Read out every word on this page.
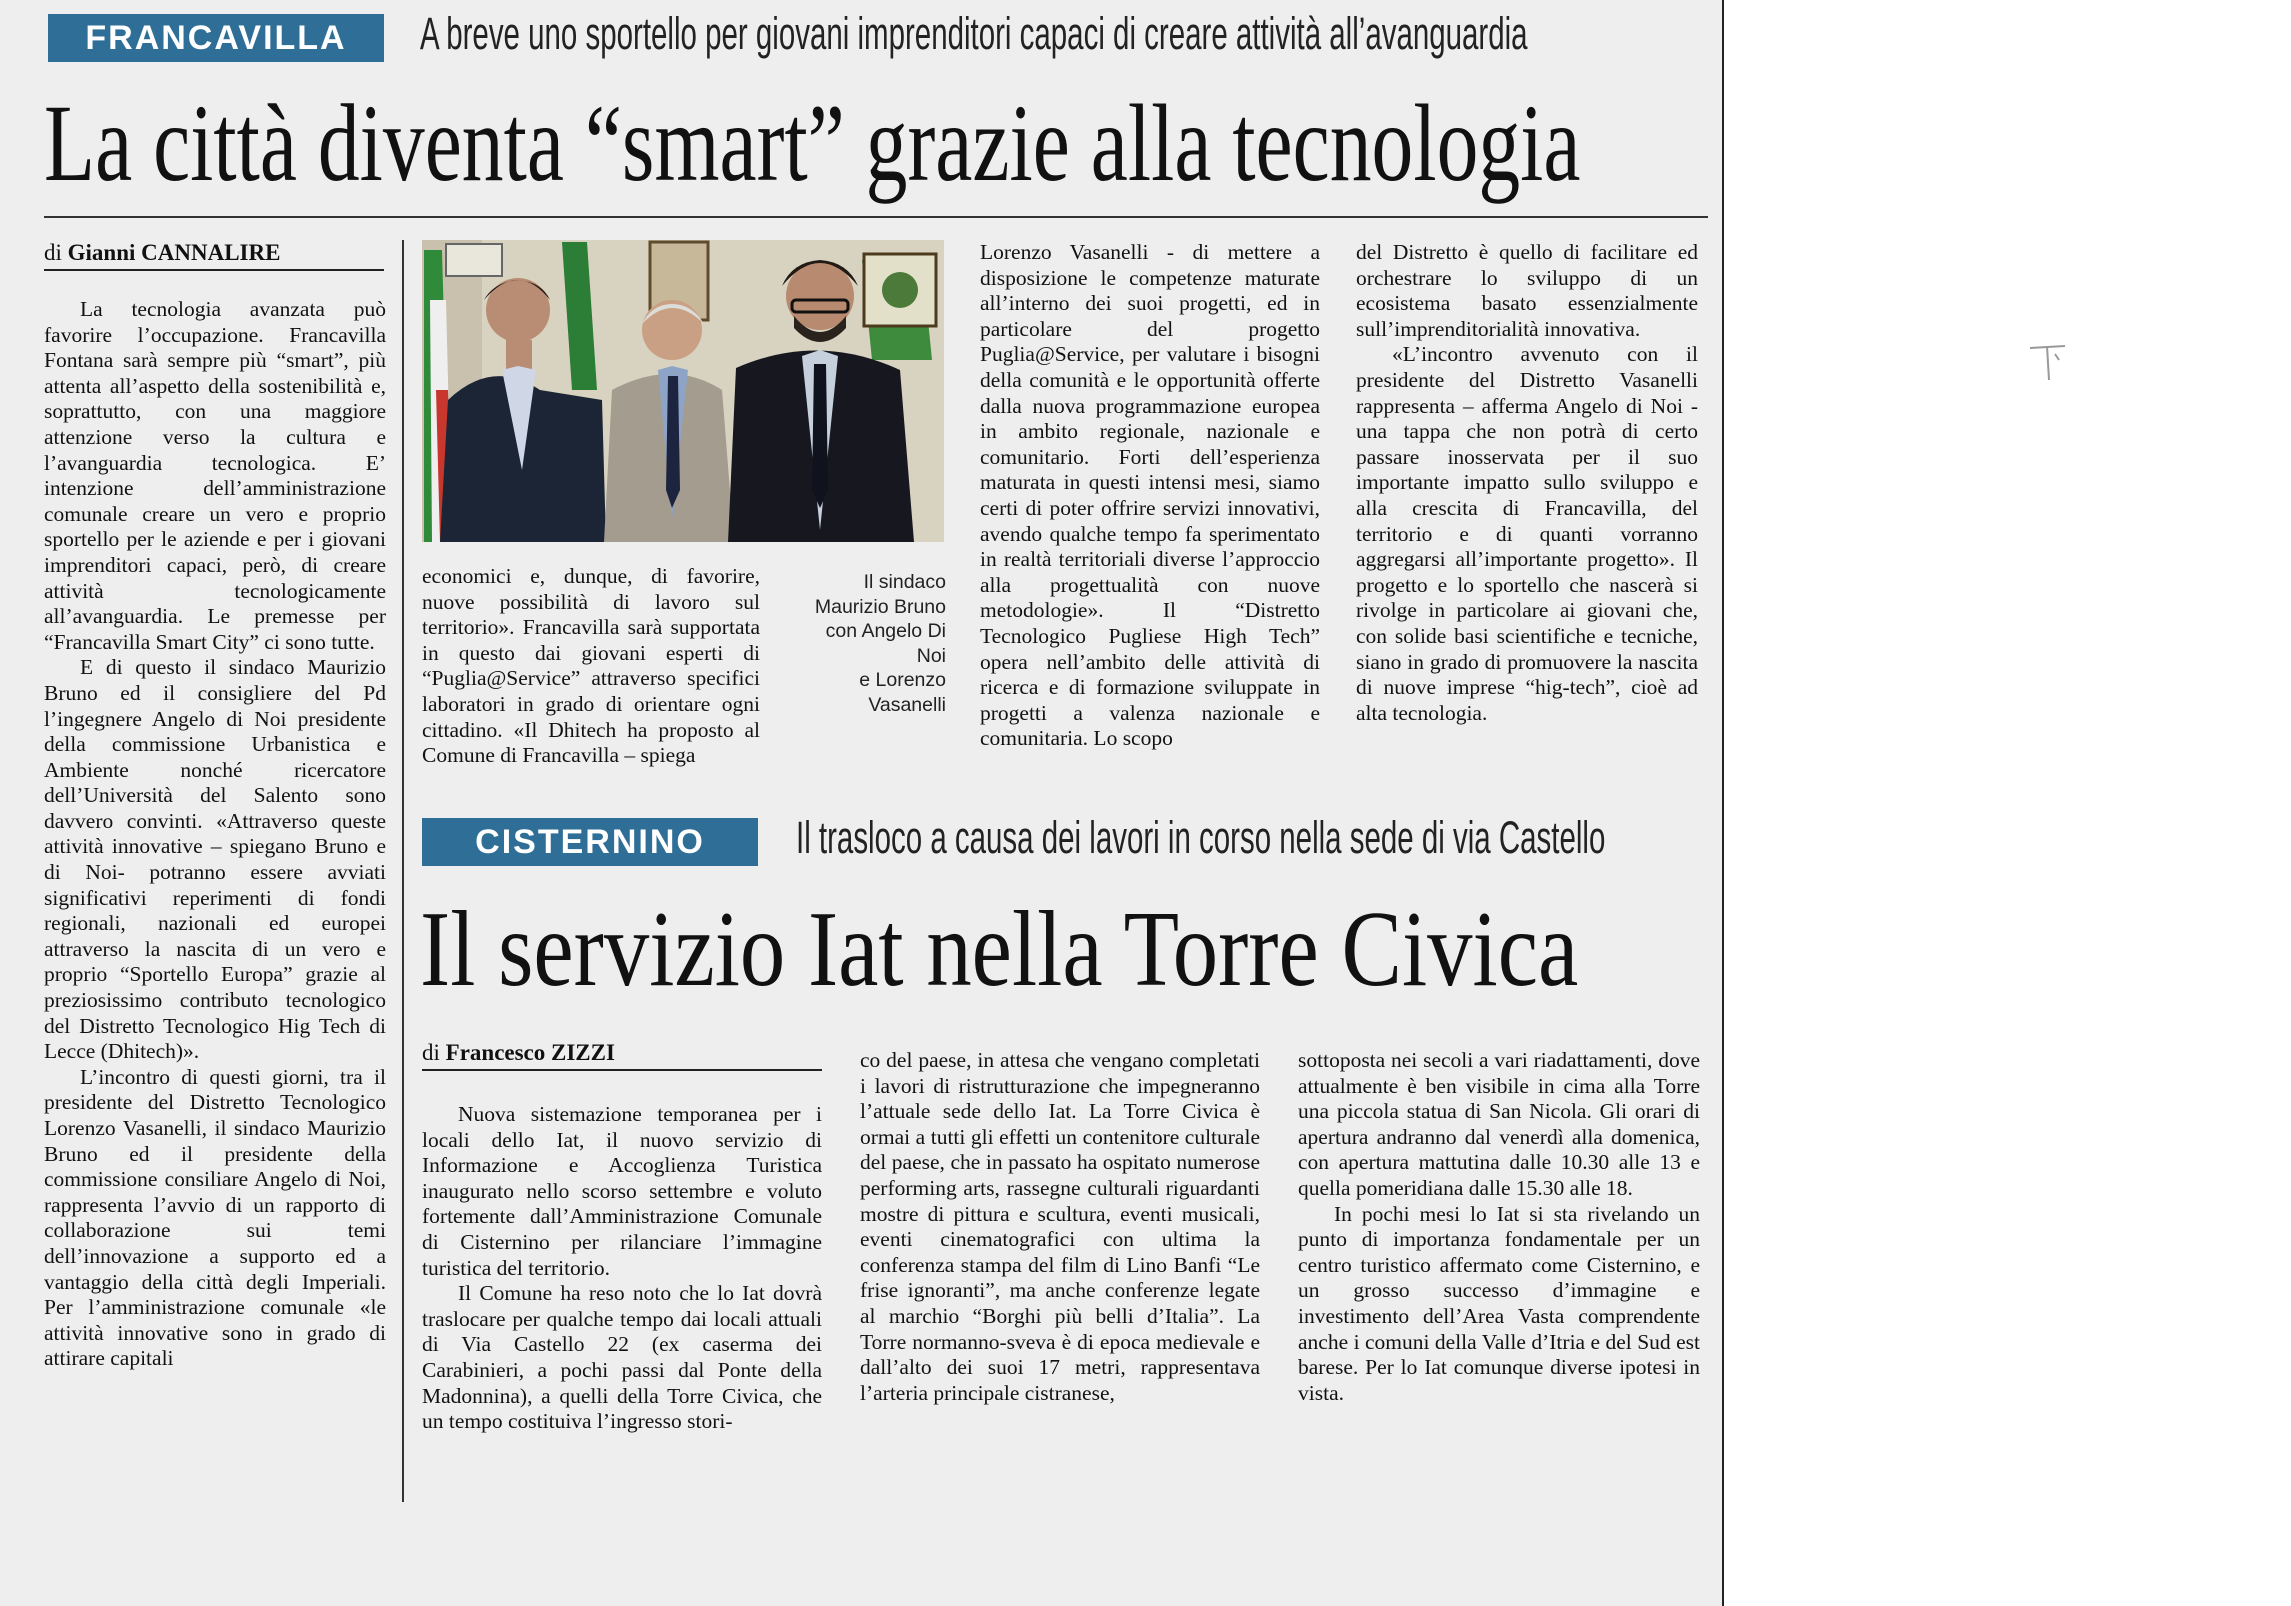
FRANCAVILLA	A breve uno sportello per giovani imprenditori capaci di creare attività all’avanguardia
La città diventa “smart” grazie alla tecnologia
di Gianni CANNALIRE

La tecnologia avanzata può favorire l’occupazione. Francavilla Fontana sarà sempre più “smart”, più attenta all’aspetto della sostenibilità e, soprattutto, con una maggiore attenzione verso la cultura e l’avanguardia tecnologica. E’ intenzione dell’amministrazione comunale creare un vero e proprio sportello per le aziende e per i giovani imprenditori capaci, però, di creare attività tecnologicamente all’avanguardia. Le premesse per “Francavilla Smart City” ci sono tutte.

E di questo il sindaco Maurizio Bruno ed il consigliere del Pd l’ingegnere Angelo di Noi presidente della commissione Urbanistica e Ambiente nonché ricercatore dell’Università del Salento sono davvero convinti. «Attraverso queste attività innovative – spiegano Bruno e di Noi- potranno essere avviati significativi reperimenti di fondi regionali, nazionali ed europei attraverso la nascita di un vero e proprio “Sportello Europa” grazie al preziosissimo contributo tecnologico del Distretto Tecnologico Hig Tech di Lecce (Dhitech)».

L’incontro di questi giorni, tra il presidente del Distretto Tecnologico Lorenzo Vasanelli, il sindaco Maurizio Bruno ed il presidente della commissione consiliare Angelo di Noi, rappresenta l’avvio di un rapporto di collaborazione sui temi dell’innovazione a supporto ed a vantaggio della città degli Imperiali. Per l’amministrazione comunale «le attività innovative sono in grado di attirare capitali

Il sindaco
Maurizio Bruno
con Angelo Di
Noi
e Lorenzo
Vasanelli

economici e, dunque, di favorire, nuove possibilità di lavoro sul territorio». Francavilla sarà supportata in questo dai giovani esperti di “Puglia@Service” attraverso specifici laboratori in grado di orientare ogni cittadino. «Il Dhitech ha proposto al Comune di Francavilla – spiega

Lorenzo Vasanelli - di mettere a disposizione le competenze maturate all’interno dei suoi progetti, ed in particolare del progetto Puglia@Service, per valutare i bisogni della comunità e le opportunità offerte dalla nuova programmazione europea in ambito regionale, nazionale e comunitario. Forti dell’esperienza maturata in questi intensi mesi, siamo certi di poter offrire servizi innovativi, avendo qualche tempo fa sperimentato in realtà territoriali diverse l’approccio alla progettualità con nuove metodologie». Il “Distretto Tecnologico Pugliese High Tech” opera nell’ambito delle attività di ricerca e di formazione sviluppate in progetti a valenza nazionale e comunitaria. Lo scopo

del Distretto è quello di facilitare ed orchestrare lo sviluppo di un ecosistema basato essenzialmente sull’imprenditorialità innovativa.

«L’incontro avvenuto con il presidente del Distretto Vasanelli rappresenta – afferma Angelo di Noi - una tappa che non potrà di certo passare inosservata per il suo importante impatto sullo sviluppo e alla crescita di Francavilla, del territorio e di quanti vorranno aggregarsi all’importante progetto». Il progetto e lo sportello che nascerà si rivolge in particolare ai giovani che, con solide basi scientifiche e tecniche, siano in grado di promuovere la nascita di nuove imprese “hig-tech”, cioè ad alta tecnologia.

CISTERNINO	Il trasloco a causa dei lavori in corso nella sede di via Castello
Il servizio Iat nella Torre Civica
di Francesco ZIZZI

Nuova sistemazione temporanea per i locali dello Iat, il nuovo servizio di Informazione e Accoglienza Turistica inaugurato nello scorso settembre e voluto fortemente dall’Amministrazione Comunale di Cisternino per rilanciare l’immagine turistica del territorio.

Il Comune ha reso noto che lo Iat dovrà traslocare per qualche tempo dai locali attuali di Via Castello 22 (ex caserma dei Carabinieri, a pochi passi dal Ponte della Madonnina), a quelli della Torre Civica, che un tempo costituiva l’ingresso stori-

co del paese, in attesa che vengano completati i lavori di ristrutturazione che impegneranno l’attuale sede dello Iat. La Torre Civica è ormai a tutti gli effetti un contenitore culturale del paese, che in passato ha ospitato numerose performing arts, rassegne culturali riguardanti mostre di pittura e scultura, eventi musicali, eventi cinematografici con ultima la conferenza stampa del film di Lino Banfi “Le frise ignoranti”, ma anche conferenze legate al marchio “Borghi più belli d’Italia”. La Torre normanno-sveva è di epoca medievale e dall’alto dei suoi 17 metri, rappresentava l’arteria principale cistranese,

sottoposta nei secoli a vari riadattamenti, dove attualmente è ben visibile in cima alla Torre una piccola statua di San Nicola. Gli orari di apertura andranno dal venerdì alla domenica, con apertura mattutina dalle 10.30 alle 13 e quella pomeridiana dalle 15.30 alle 18.

In pochi mesi lo Iat si sta rivelando un punto di importanza fondamentale per un centro turistico affermato come Cisternino, e un grosso successo d’immagine e investimento dell’Area Vasta comprendente anche i comuni della Valle d’Itria e del Sud est barese. Per lo Iat comunque diverse ipotesi in vista.
